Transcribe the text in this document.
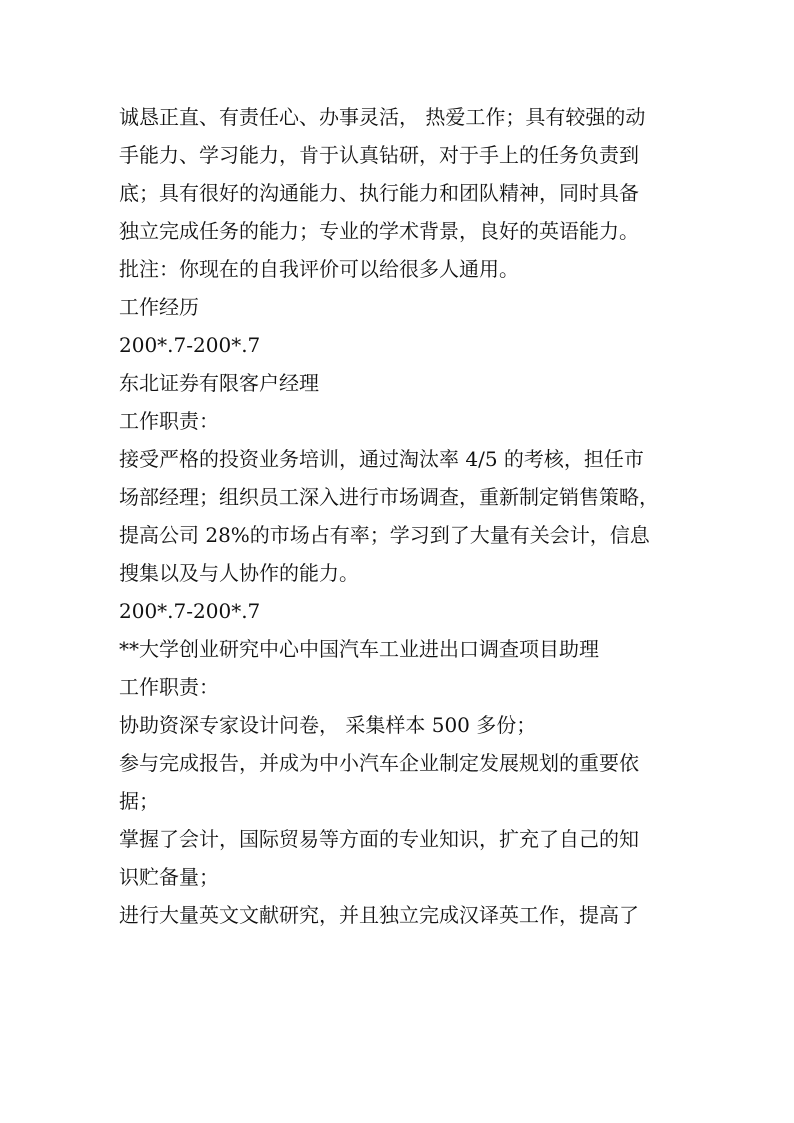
诚恳正直、有责任心、办事灵活， 热爱工作；具有较强的动
手能力、学习能力，肯于认真钻研，对于手上的任务负责到
底；具有很好的沟通能力、执行能力和团队精神，同时具备
独立完成任务的能力；专业的学术背景，良好的英语能力。
批注：你现在的自我评价可以给很多人通用。
工作经历
200*.7-200*.7
东北证券有限客户经理
工作职责：
接受严格的投资业务培训，通过淘汰率 4/5 的考核，担任市
场部经理；组织员工深入进行市场调查，重新制定销售策略，
提高公司 28%的市场占有率；学习到了大量有关会计，信息
搜集以及与人协作的能力。
200*.7-200*.7
**大学创业研究中心中国汽车工业进出口调查项目助理
工作职责：
协助资深专家设计问卷， 采集样本 500 多份；
参与完成报告，并成为中小汽车企业制定发展规划的重要依
据；
掌握了会计，国际贸易等方面的专业知识，扩充了自己的知
识贮备量；
进行大量英文文献研究，并且独立完成汉译英工作，提高了
